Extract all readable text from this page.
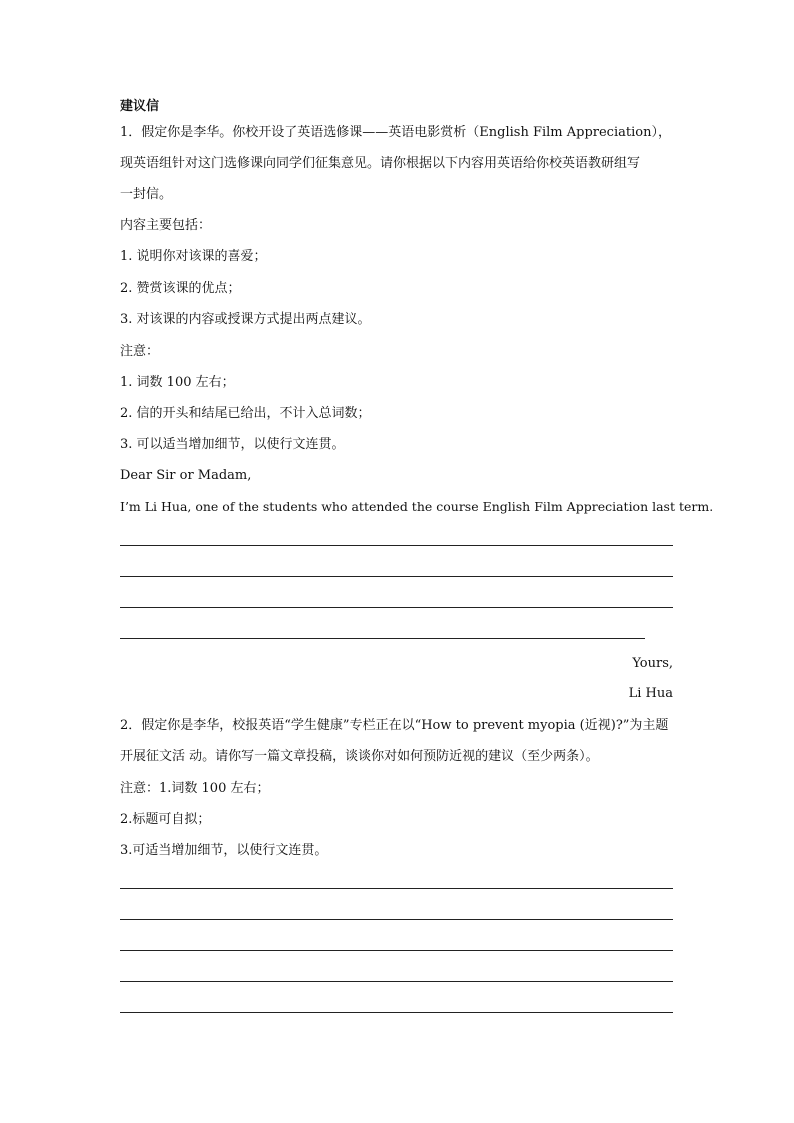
建议信
1．假定你是李华。你校开设了英语选修课——英语电影赏析（English Film Appreciation），
现英语组针对这门选修课向同学们征集意见。请你根据以下内容用英语给你校英语教研组写
一封信。
内容主要包括：
1. 说明你对该课的喜爱；
2. 赞赏该课的优点；
3. 对该课的内容或授课方式提出两点建议。
注意：
1. 词数 100 左右；
2. 信的开头和结尾已给出，不计入总词数；
3. 可以适当增加细节，以使行文连贯。
Dear Sir or Madam,
I’m Li Hua, one of the students who attended the course English Film Appreciation last term.
Yours,
Li Hua
2．假定你是李华，校报英语“学生健康”专栏正在以“How to prevent myopia (近视)?”为主题
开展征文活 动。请你写一篇文章投稿，谈谈你对如何预防近视的建议（至少两条）。
注意：1.词数 100 左右；
2.标题可自拟；
3.可适当增加细节，以使行文连贯。
